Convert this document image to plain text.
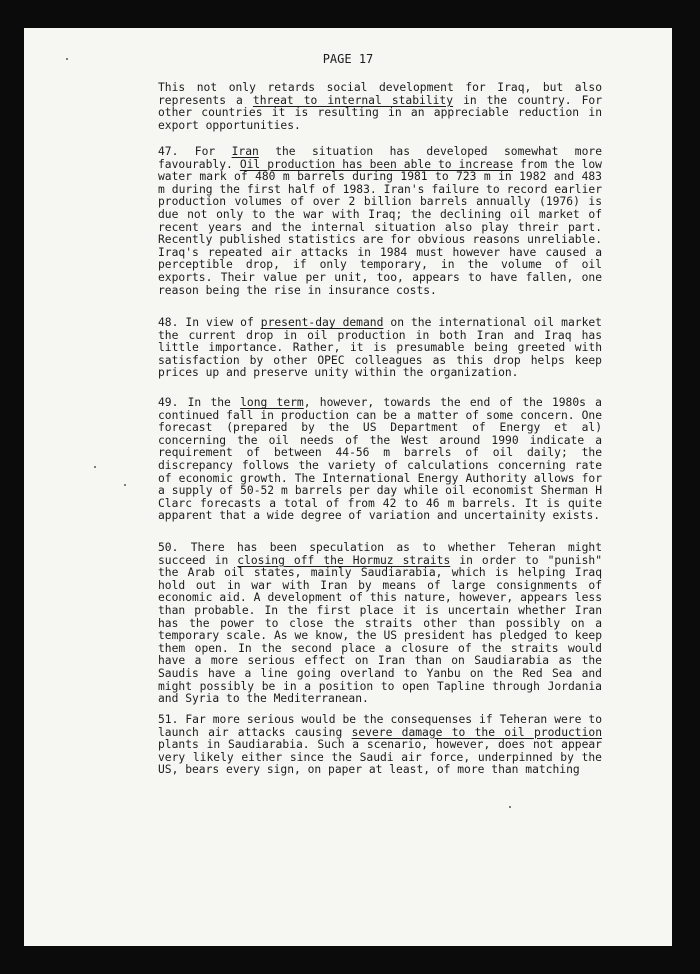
PAGE 17

This not only retards social development for Iraq, but also represents a threat to internal stability in the country. For other countries it is resulting in an appreciable reduction in export opportunities.

47. For Iran the situation has developed somewhat more favourably. Oil production has been able to increase from the low water mark of 480 m barrels during 1981 to 723 m in 1982 and 483 m during the first half of 1983. Iran's failure to record earlier production volumes of over 2 billion barrels annually (1976) is due not only to the war with Iraq; the declining oil market of recent years and the internal situation also play threir part. Recently published statistics are for obvious reasons unreliable. Iraq's repeated air attacks in 1984 must however have caused a perceptible drop, if only temporary, in the volume of oil exports. Their value per unit, too, appears to have fallen, one reason being the rise in insurance costs.

48. In view of present-day demand on the international oil market the current drop in oil production in both Iran and Iraq has little importance. Rather, it is presumable being greeted with satisfaction by other OPEC colleagues as this drop helps keep prices up and preserve unity within the organization.

49. In the long term, however, towards the end of the 1980s a continued fall in production can be a matter of some concern. One forecast (prepared by the US Department of Energy et al) concerning the oil needs of the West around 1990 indicate a requirement of between 44-56 m barrels of oil daily; the discrepancy follows the variety of calculations concerning rate of economic growth. The International Energy Authority allows for a supply of 50-52 m barrels per day while oil economist Sherman H Clarc forecasts a total of from 42 to 46 m barrels. It is quite apparent that a wide degree of variation and uncertainity exists.

50. There has been speculation as to whether Teheran might succeed in closing off the Hormuz straits in order to "punish" the Arab oil states, mainly Saudiarabia, which is helping Iraq hold out in war with Iran by means of large consignments of economic aid. A development of this nature, however, appears less than probable. In the first place it is uncertain whether Iran has the power to close the straits other than possibly on a temporary scale. As we know, the US president has pledged to keep them open. In the second place a closure of the straits would have a more serious effect on Iran than on Saudiarabia as the Saudis have a line going overland to Yanbu on the Red Sea and might possibly be in a position to open Tapline through Jordania and Syria to the Mediterranean.

51. Far more serious would be the consequenses if Teheran were to launch air attacks causing severe damage to the oil production plants in Saudiarabia. Such a scenario, however, does not appear very likely either since the Saudi air force, underpinned by the US, bears every sign, on paper at least, of more than matching
